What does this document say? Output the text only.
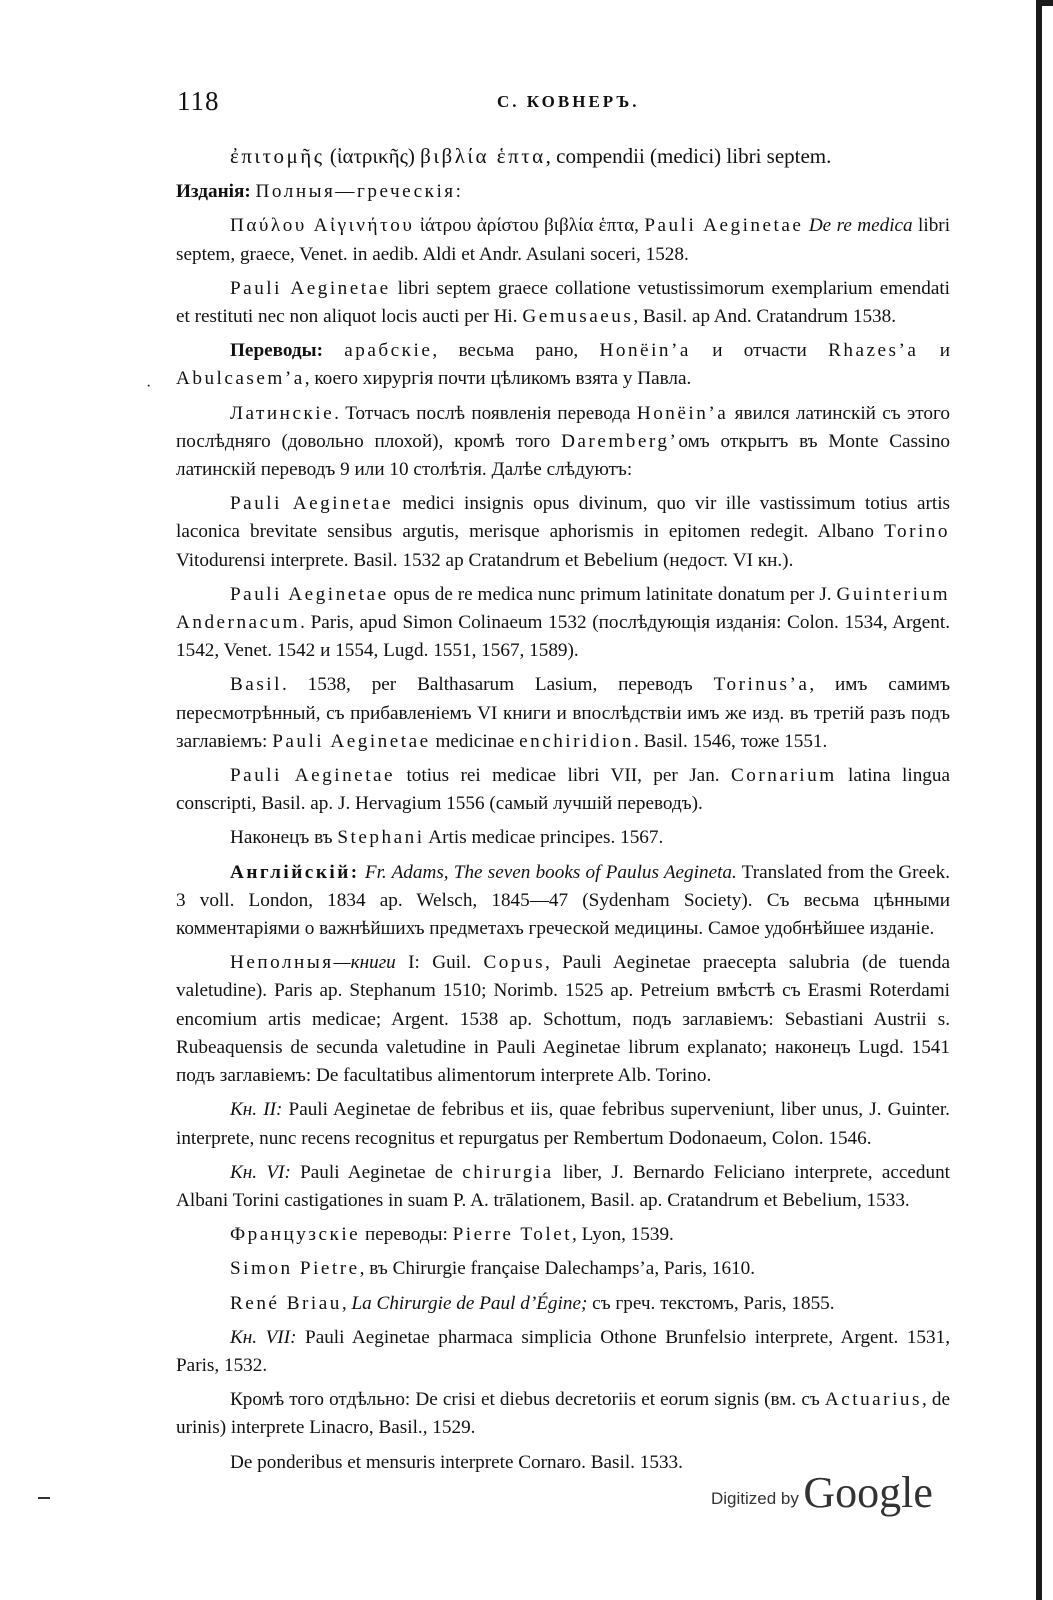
118	С. КОВНЕРЪ.
·

ἐπιτομῆς (ἰατρικῆς) βιβλία ἑπτα, compendii (medici) libri septem.

Изданія: Полныя—греческія:

Παύλου Αἰγινήτου ἰάτρου ἀρίστου βιβλία ἑπτα, Pauli Aeginetae De re medica libri septem, graece, Venet. in aedib. Aldi et Andr. Asulani soceri, 1528.

Pauli Aeginetae libri septem graece collatione vetustissimorum exemplarium emendati et restituti nec non aliquot locis aucti per Hi. Gemusaeus, Basil. ap And. Cratandrum 1538.

Переводы: арабскіе, весьма рано, Honëin’a и отчасти Rhazes’a и Abulcasem’a, коего хирургія почти цѣликомъ взята у Павла.

Латинскіе. Тотчасъ послѣ появленія перевода Honëin’a явился латинскій съ этого послѣдняго (довольно плохой), кромѣ того Daremberg’омъ открытъ въ Monte Cassino латинскій переводъ 9 или 10 столѣтія. Далѣе слѣдуютъ:

Pauli Aeginetae medici insignis opus divinum, quo vir ille vastissimum totius artis laconica brevitate sensibus argutis, merisque aphorismis in epitomen redegit. Albano Torino Vitodurensi interprete. Basil. 1532 ap Cratandrum et Bebelium (недост. VI кн.).

Pauli Aeginetae opus de re medica nunc primum latinitate donatum per J. Guinterium Andernacum. Paris, apud Simon Colinaeum 1532 (послѣдующія изданія: Colon. 1534, Argent. 1542, Venet. 1542 и 1554, Lugd. 1551, 1567, 1589).

Basil. 1538, per Balthasarum Lasium, переводъ Torinus’a, имъ самимъ пересмотрѣнный, съ прибавленіемъ VI книги и впослѣдствіи имъ же изд. въ третій разъ подъ заглавіемъ: Pauli Aeginetae medicinae enchiridion. Basil. 1546, тоже 1551.

Pauli Aeginetae totius rei medicae libri VII, per Jan. Cornarium latina lingua conscripti, Basil. ap. J. Hervagium 1556 (самый лучшій переводъ).

Наконецъ въ Stephani Artis medicae principes. 1567.

Англійскій: Fr. Adams, The seven books of Paulus Aegineta. Translated from the Greek. 3 voll. London, 1834 ap. Welsch, 1845—47 (Sydenham Society). Съ весьма цѣнными комментаріями о важнѣйшихъ предметахъ греческой медицины. Самое удобнѣйшее изданіе.

Неполныя—книги I: Guil. Copus, Pauli Aeginetae praecepta salubria (de tuenda valetudine). Paris ap. Stephanum 1510; Norimb. 1525 ap. Petreium вмѣстѣ съ Erasmi Roterdami encomium artis medicae; Argent. 1538 ap. Schottum, подъ заглавіемъ: Sebastiani Austrii s. Rubeaquensis de secunda valetudine in Pauli Aeginetae librum explanato; наконецъ Lugd. 1541 подъ заглавіемъ: De facultatibus alimentorum interprete Alb. Torino.

Кн. II: Pauli Aeginetae de febribus et iis, quae febribus superveniunt, liber unus, J. Guinter. interprete, nunc recens recognitus et repurgatus per Rembertum Dodonaeum, Colon. 1546.

Кн. VI: Pauli Aeginetae de chirurgia liber, J. Bernardo Feliciano interprete, accedunt Albani Torini castigationes in suam P. A. trālationem, Basil. ap. Cratandrum et Bebelium, 1533.

Французскіе переводы: Pierre Tolet, Lyon, 1539.

Simon Pietre, въ Chirurgie française Dalechamps’a, Paris, 1610.

René Briau, La Chirurgie de Paul d’Égine; съ греч. текстомъ, Paris, 1855.

Кн. VII: Pauli Aeginetae pharmaca simplicia Othone Brunfelsio interprete, Argent. 1531, Paris, 1532.

Кромѣ того отдѣльно: De crisi et diebus decretoriis et eorum signis (вм. съ Actuarius, de urinis) interprete Linacro, Basil., 1529.

De ponderibus et mensuris interprete Cornaro. Basil. 1533.

Digitized by Google
